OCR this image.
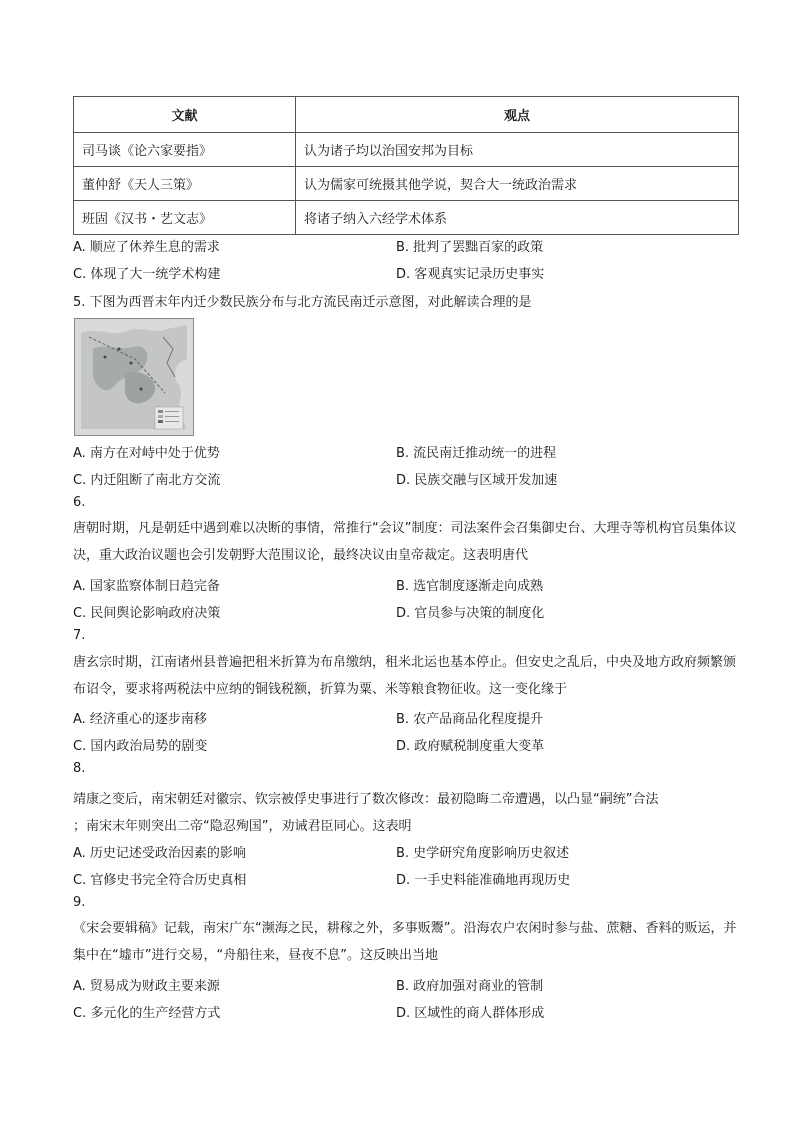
文献	观点
司马谈《论六家要指》	认为诸子均以治国安邦为目标
董仲舒《天人三策》	认为儒家可统摄其他学说，契合大一统政治需求
班固《汉书・艺文志》	将诸子纳入六经学术体系
A. 顺应了休养生息的需求	B. 批判了罢黜百家的政策
C. 体现了大一统学术构建	D. 客观真实记录历史事实
5. 下图为西晋末年内迁少数民族分布与北方流民南迁示意图，对此解读合理的是
A. 南方在对峙中处于优势	B. 流民南迁推动统一的进程
C. 内迁阻断了南北方交流	D. 民族交融与区域开发加速
6.
唐朝时期，凡是朝廷中遇到难以决断的事情，常推行“会议”制度：司法案件会召集御史台、大理寺等机构官员集体议决，重大政治议题也会引发朝野大范围议论，最终决议由皇帝裁定。这表明唐代
A. 国家监察体制日趋完备	B. 选官制度逐渐走向成熟
C. 民间舆论影响政府决策	D. 官员参与决策的制度化
7.
唐玄宗时期，江南诸州县普遍把租米折算为布帛缴纳，租米北运也基本停止。但安史之乱后，中央及地方政府频繁颁布诏令，要求将两税法中应纳的铜钱税额，折算为粟、米等粮食物征收。这一变化缘于
A. 经济重心的逐步南移	B. 农产品商品化程度提升
C. 国内政治局势的剧变	D. 政府赋税制度重大变革
8.
靖康之变后，南宋朝廷对徽宗、钦宗被俘史事进行了数次修改：最初隐晦二帝遭遇，以凸显“嗣统”合法
；南宋末年则突出二帝“隐忍殉国”，劝诫君臣同心。这表明
A. 历史记述受政治因素的影响	B. 史学研究角度影响历史叙述
C. 官修史书完全符合历史真相	D. 一手史料能准确地再现历史
9.
《宋会要辑稿》记载，南宋广东“濒海之民，耕稼之外，多事贩鬻”。沿海农户农闲时参与盐、蔗糖、香料的贩运，并集中在“墟市”进行交易，“舟船往来，昼夜不息”。这反映出当地
A. 贸易成为财政主要来源	B. 政府加强对商业的管制
C. 多元化的生产经营方式	D. 区域性的商人群体形成
